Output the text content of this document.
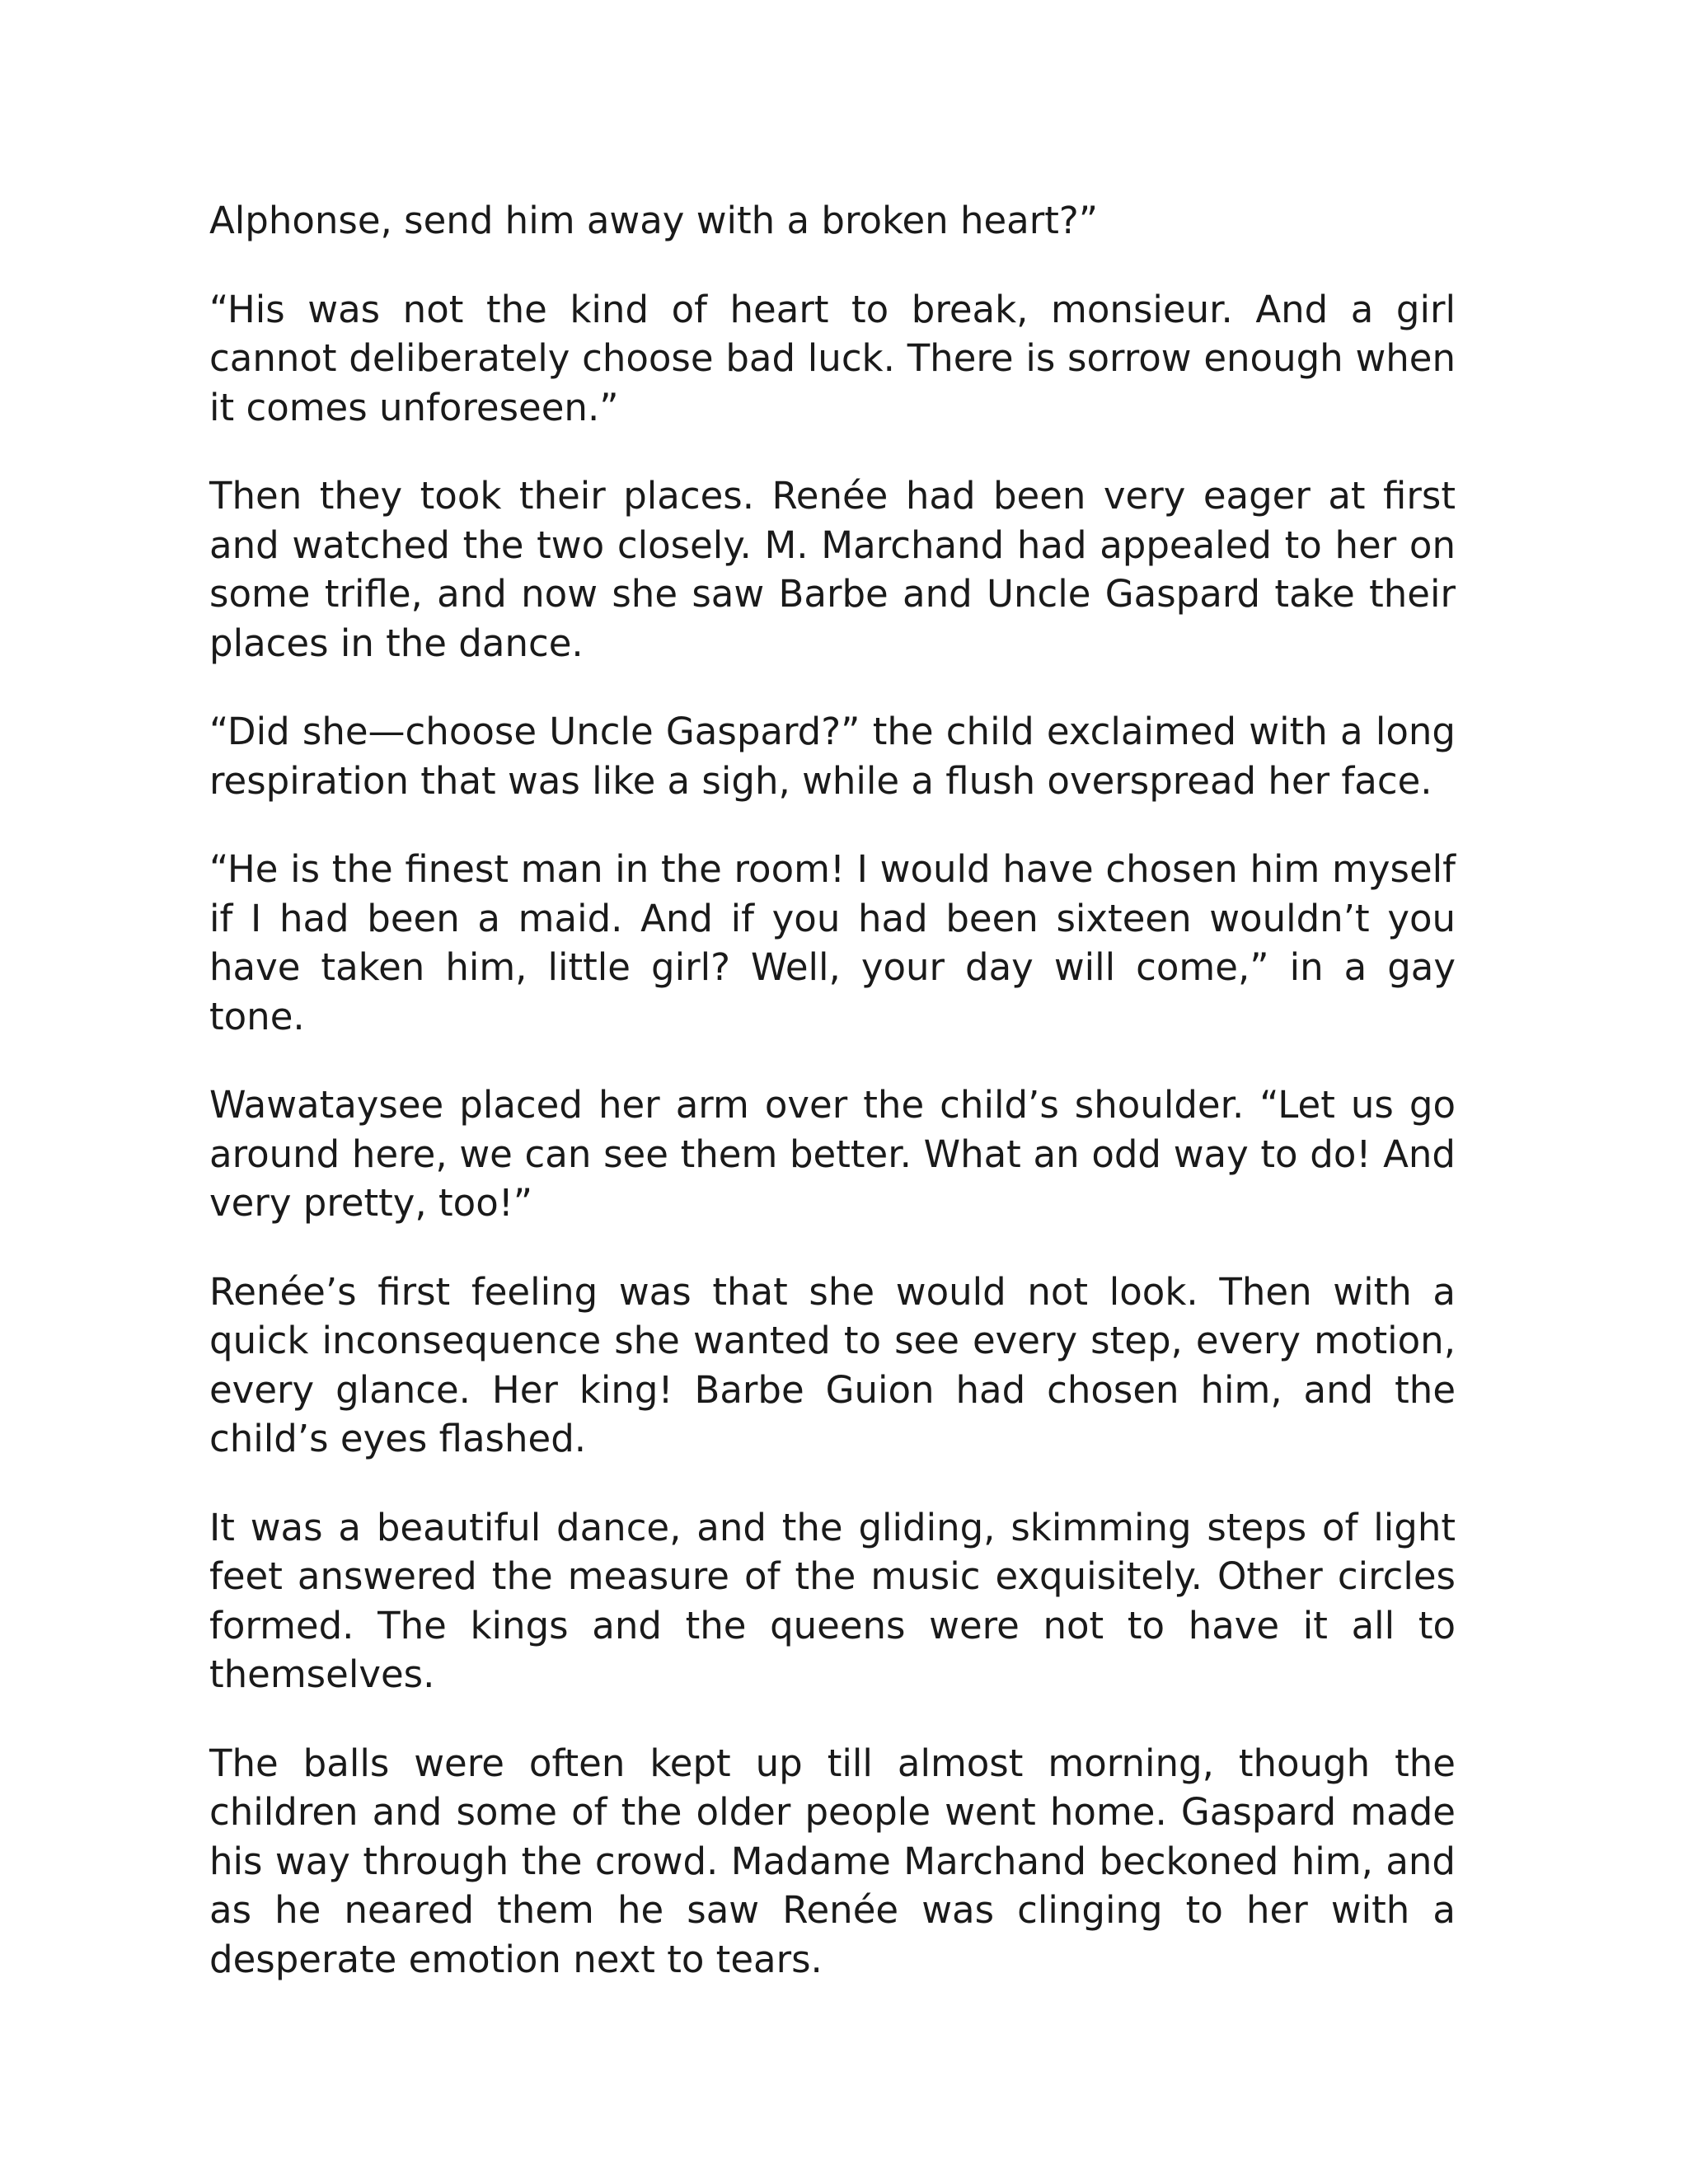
Alphonse, send him away with a broken heart?”

“His was not the kind of heart to break, monsieur. And a girl cannot deliberately choose bad luck. There is sorrow enough when it comes unforeseen.”

Then they took their places. Renée had been very eager at first and watched the two closely. M. Marchand had appealed to her on some trifle, and now she saw Barbe and Uncle Gaspard take their places in the dance.

“Did she—choose Uncle Gaspard?” the child exclaimed with a long respiration that was like a sigh, while a flush overspread her face.

“He is the finest man in the room! I would have chosen him myself if I had been a maid. And if you had been sixteen wouldn’t you have taken him, little girl? Well, your day will come,” in a gay tone.

Wawataysee placed her arm over the child’s shoulder. “Let us go around here, we can see them better. What an odd way to do! And very pretty, too!”

Renée’s first feeling was that she would not look. Then with a quick inconsequence she wanted to see every step, every motion, every glance. Her king! Barbe Guion had chosen him, and the child’s eyes flashed.

It was a beautiful dance, and the gliding, skimming steps of light feet answered the measure of the music exquisitely. Other circles formed. The kings and the queens were not to have it all to themselves.

The balls were often kept up till almost morning, though the children and some of the older people went home. Gaspard made his way through the crowd. Madame Marchand beckoned him, and as he neared them he saw Renée was clinging to her with a desperate emotion next to tears.
